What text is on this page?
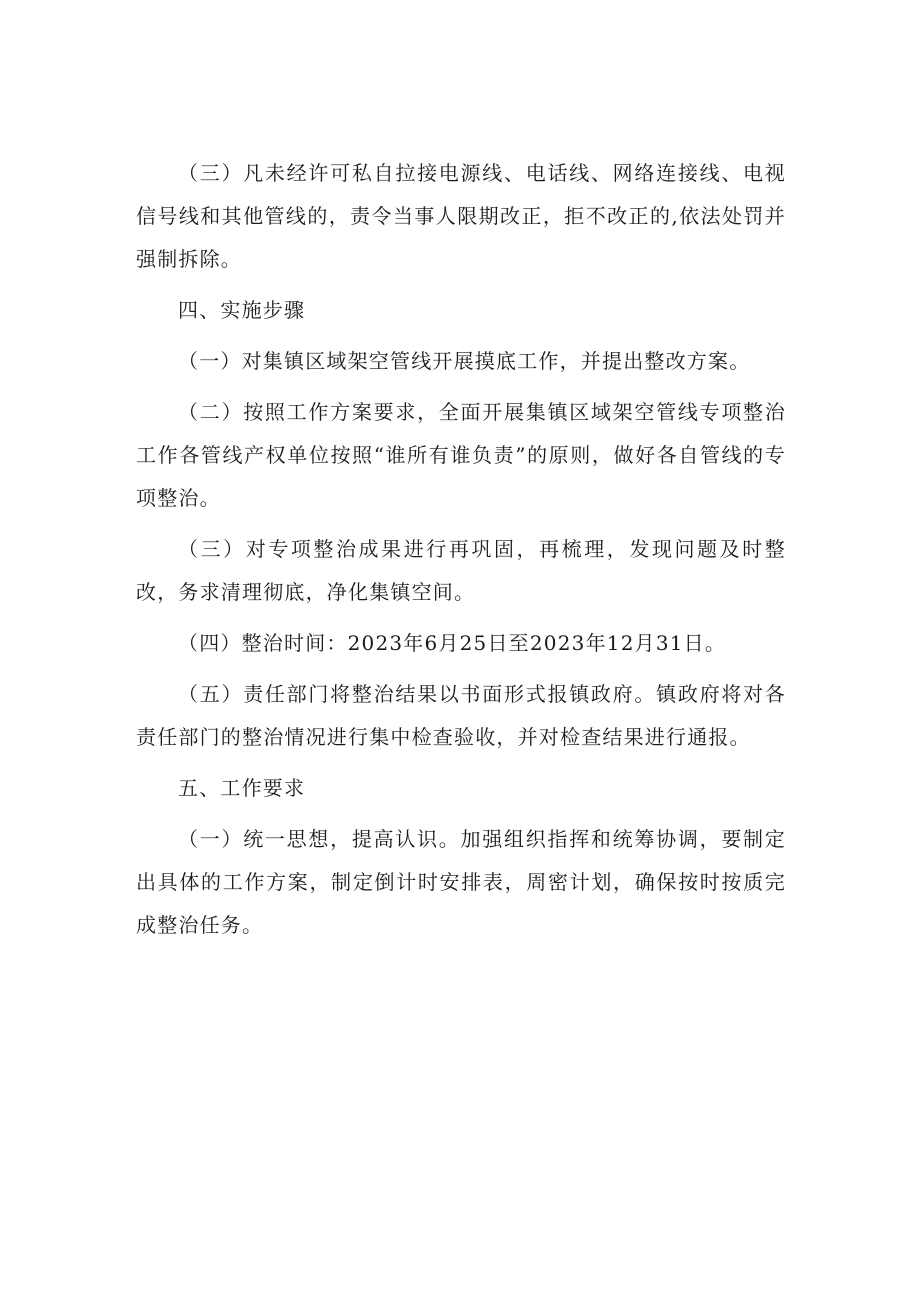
（三）凡未经许可私自拉接电源线、电话线、网络连接线、电视信号线和其他管线的，责令当事人限期改正，拒不改正的,依法处罚并强制拆除。

四、实施步骤

（一）对集镇区域架空管线开展摸底工作，并提出整改方案。

（二）按照工作方案要求，全面开展集镇区域架空管线专项整治工作各管线产权单位按照“谁所有谁负责”的原则，做好各自管线的专项整治。

（三）对专项整治成果进行再巩固，再梳理，发现问题及时整改，务求清理彻底，净化集镇空间。

（四）整治时间：2023年6月25日至2023年12月31日。

（五）责任部门将整治结果以书面形式报镇政府。镇政府将对各责任部门的整治情况进行集中检查验收，并对检查结果进行通报。

五、工作要求

（一）统一思想，提高认识。加强组织指挥和统筹协调，要制定出具体的工作方案，制定倒计时安排表，周密计划，确保按时按质完成整治任务。
